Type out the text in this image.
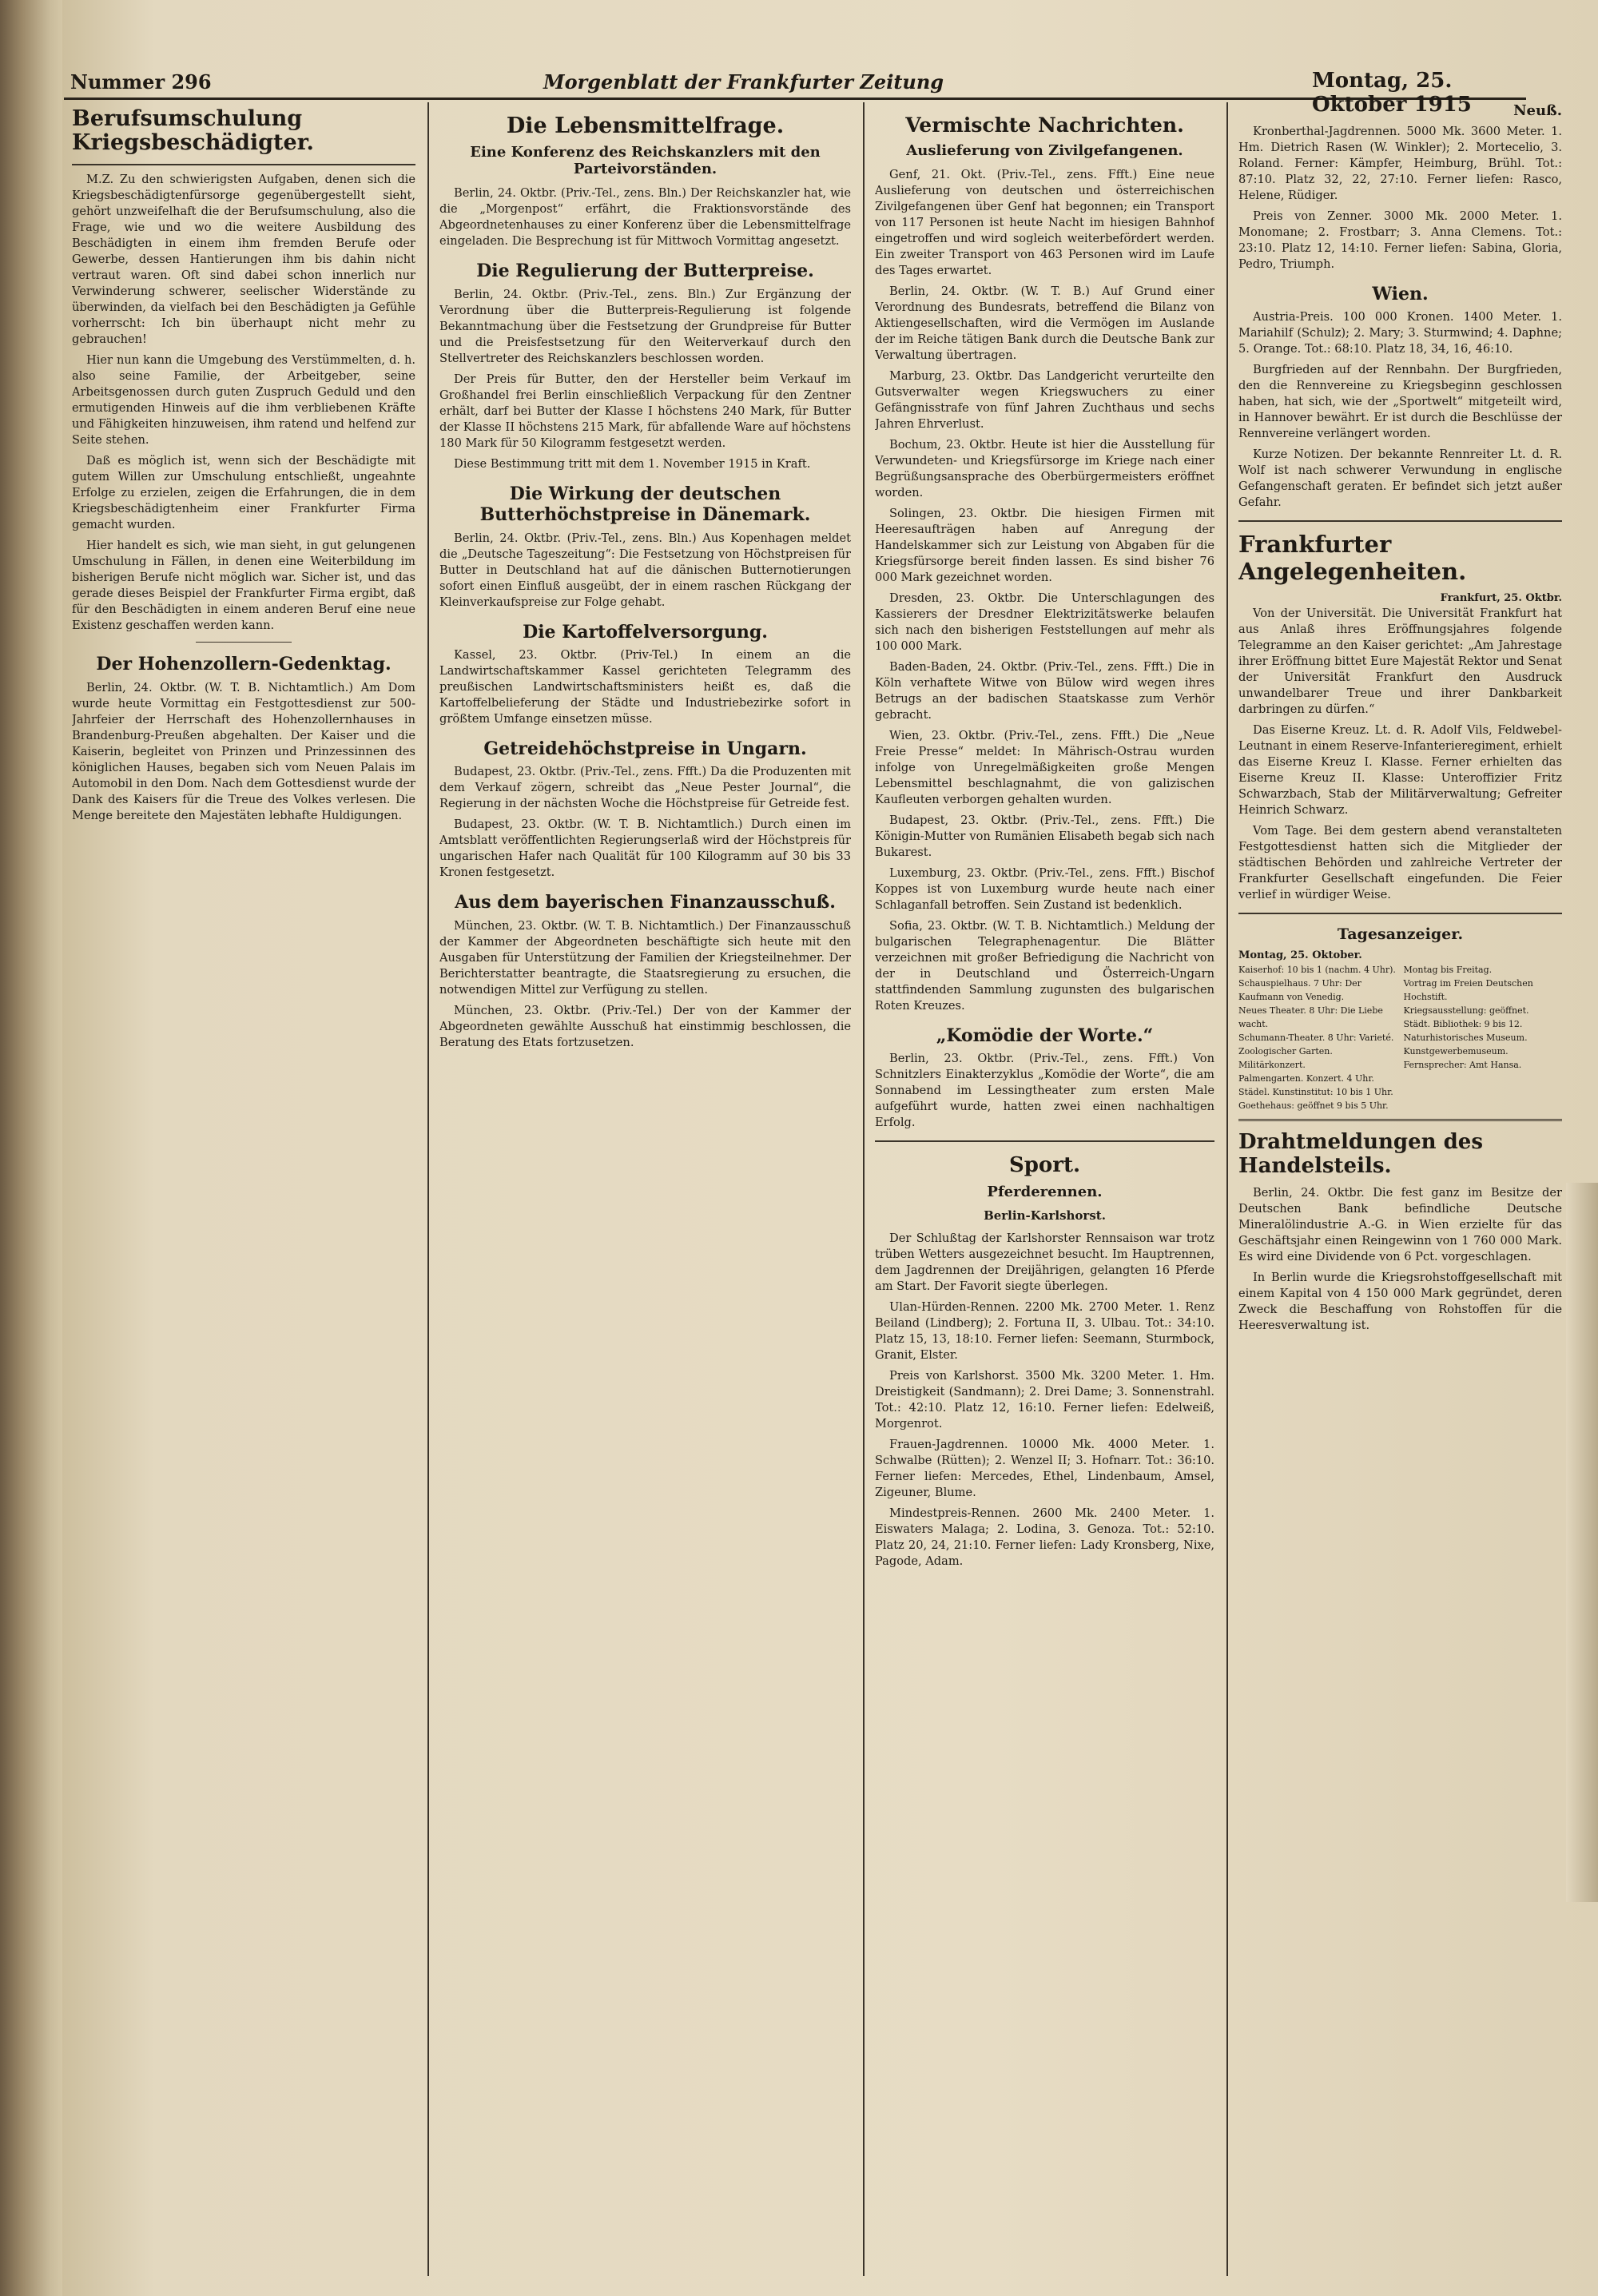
Nummer 296	Morgenblatt der Frankfurter Zeitung	Montag, 25. Oktober 1915
Berufsumschulung Kriegsbeschädigter.

M.Z. Zu den schwierigsten Aufgaben, denen sich die Kriegsbeschädigtenfürsorge gegenübergestellt sieht, gehört unzweifelhaft die der Berufsumschulung, also die Frage, wie und wo die weitere Ausbildung des Beschädigten in einem ihm fremden Berufe oder Gewerbe, dessen Hantierungen ihm bis dahin nicht vertraut waren. Oft sind dabei schon innerlich nur Verwinderung schwerer, seelischer Widerstände zu überwinden, da vielfach bei den Beschädigten ja Gefühle vorherrscht: Ich bin überhaupt nicht mehr zu gebrauchen!

Hier nun kann die Umgebung des Verstümmelten, d. h. also seine Familie, der Arbeitgeber, seine Arbeitsgenossen durch guten Zuspruch Geduld und den ermutigenden Hinweis auf die ihm verbliebenen Kräfte und Fähigkeiten hinzuweisen, ihm ratend und helfend zur Seite stehen.

Daß es möglich ist, wenn sich der Beschädigte mit gutem Willen zur Umschulung entschließt, ungeahnte Erfolge zu erzielen, zeigen die Erfahrungen, die in dem Kriegsbeschädigtenheim einer Frankfurter Firma gemacht wurden.

Hier handelt es sich, wie man sieht, in gut gelungenen Umschulung in Fällen, in denen eine Weiterbildung im bisherigen Berufe nicht möglich war. Sicher ist, und das gerade dieses Beispiel der Frankfurter Firma ergibt, daß für den Beschädigten in einem anderen Beruf eine neue Existenz geschaffen werden kann.

Der Hohenzollern-Gedenktag.

Berlin, 24. Oktbr. (W. T. B. Nichtamtlich.) Am Dom wurde heute Vormittag ein Festgottesdienst zur 500-Jahrfeier der Herrschaft des Hohenzollernhauses in Brandenburg-Preußen abgehalten. Der Kaiser und die Kaiserin, begleitet von Prinzen und Prinzessinnen des königlichen Hauses, begaben sich vom Neuen Palais im Automobil in den Dom. Nach dem Gottesdienst wurde der Dank des Kaisers für die Treue des Volkes verlesen. Die Menge bereitete den Majestäten lebhafte Huldigungen.

Die Lebensmittelfrage.
Eine Konferenz des Reichskanzlers mit den Parteivorständen.

Berlin, 24. Oktbr. (Priv.-Tel., zens. Bln.) Der Reichskanzler hat, wie die „Morgenpost“ erfährt, die Fraktionsvorstände des Abgeordnetenhauses zu einer Konferenz über die Lebensmittelfrage eingeladen. Die Besprechung ist für Mittwoch Vormittag angesetzt.

Die Regulierung der Butterpreise.

Berlin, 24. Oktbr. (Priv.-Tel., zens. Bln.) Zur Ergänzung der Verordnung über die Butterpreis-Regulierung ist folgende Bekanntmachung über die Festsetzung der Grundpreise für Butter und die Preisfestsetzung für den Weiterverkauf durch den Stellvertreter des Reichskanzlers beschlossen worden.

Der Preis für Butter, den der Hersteller beim Verkauf im Großhandel frei Berlin einschließlich Verpackung für den Zentner erhält, darf bei Butter der Klasse I höchstens 240 Mark, für Butter der Klasse II höchstens 215 Mark, für abfallende Ware auf höchstens 180 Mark für 50 Kilogramm festgesetzt werden.

Diese Bestimmung tritt mit dem 1. November 1915 in Kraft.

Die Wirkung der deutschen Butterhöchstpreise in Dänemark.

Berlin, 24. Oktbr. (Priv.-Tel., zens. Bln.) Aus Kopenhagen meldet die „Deutsche Tageszeitung“: Die Festsetzung von Höchstpreisen für Butter in Deutschland hat auf die dänischen Butternotierungen sofort einen Einfluß ausgeübt, der in einem raschen Rückgang der Kleinverkaufspreise zur Folge gehabt.

Die Kartoffelversorgung.

Kassel, 23. Oktbr. (Priv-Tel.) In einem an die Landwirtschaftskammer Kassel gerichteten Telegramm des preußischen Landwirtschaftsministers heißt es, daß die Kartoffelbelieferung der Städte und Industriebezirke sofort in größtem Umfange einsetzen müsse.

Getreidehöchstpreise in Ungarn.

Budapest, 23. Oktbr. (Priv.-Tel., zens. Ffft.) Da die Produzenten mit dem Verkauf zögern, schreibt das „Neue Pester Journal“, die Regierung in der nächsten Woche die Höchstpreise für Getreide fest.

Budapest, 23. Oktbr. (W. T. B. Nichtamtlich.) Durch einen im Amtsblatt veröffentlichten Regierungserlaß wird der Höchstpreis für ungarischen Hafer nach Qualität für 100 Kilogramm auf 30 bis 33 Kronen festgesetzt.

Aus dem bayerischen Finanzausschuß.

München, 23. Oktbr. (W. T. B. Nichtamtlich.) Der Finanzausschuß der Kammer der Abgeordneten beschäftigte sich heute mit den Ausgaben für Unterstützung der Familien der Kriegsteilnehmer. Der Berichterstatter beantragte, die Staatsregierung zu ersuchen, die notwendigen Mittel zur Verfügung zu stellen.

München, 23. Oktbr. (Priv.-Tel.) Der von der Kammer der Abgeordneten gewählte Ausschuß hat einstimmig beschlossen, die Beratung des Etats fortzusetzen.

Vermischte Nachrichten.
Auslieferung von Zivilgefangenen.

Genf, 21. Okt. (Priv.-Tel., zens. Ffft.) Eine neue Auslieferung von deutschen und österreichischen Zivilgefangenen über Genf hat begonnen; ein Transport von 117 Personen ist heute Nacht im hiesigen Bahnhof eingetroffen und wird sogleich weiterbefördert werden. Ein zweiter Transport von 463 Personen wird im Laufe des Tages erwartet.

Berlin, 24. Oktbr. (W. T. B.) Auf Grund einer Verordnung des Bundesrats, betreffend die Bilanz von Aktiengesellschaften, wird die Vermögen im Auslande der im Reiche tätigen Bank durch die Deutsche Bank zur Verwaltung übertragen.

Marburg, 23. Oktbr. Das Landgericht verurteilte den Gutsverwalter wegen Kriegswuchers zu einer Gefängnisstrafe von fünf Jahren Zuchthaus und sechs Jahren Ehrverlust.

Bochum, 23. Oktbr. Heute ist hier die Ausstellung für Verwundeten- und Kriegsfürsorge im Kriege nach einer Begrüßungsansprache des Oberbürgermeisters eröffnet worden.

Solingen, 23. Oktbr. Die hiesigen Firmen mit Heeresaufträgen haben auf Anregung der Handelskammer sich zur Leistung von Abgaben für die Kriegsfürsorge bereit finden lassen. Es sind bisher 76 000 Mark gezeichnet worden.

Dresden, 23. Oktbr. Die Unterschlagungen des Kassierers der Dresdner Elektrizitätswerke belaufen sich nach den bisherigen Feststellungen auf mehr als 100 000 Mark.

Baden-Baden, 24. Oktbr. (Priv.-Tel., zens. Ffft.) Die in Köln verhaftete Witwe von Bülow wird wegen ihres Betrugs an der badischen Staatskasse zum Verhör gebracht.

Wien, 23. Oktbr. (Priv.-Tel., zens. Ffft.) Die „Neue Freie Presse“ meldet: In Mährisch-Ostrau wurden infolge von Unregelmäßigkeiten große Mengen Lebensmittel beschlagnahmt, die von galizischen Kaufleuten verborgen gehalten wurden.

Budapest, 23. Oktbr. (Priv.-Tel., zens. Ffft.) Die Königin-Mutter von Rumänien Elisabeth begab sich nach Bukarest.

Luxemburg, 23. Oktbr. (Priv.-Tel., zens. Ffft.) Bischof Koppes ist von Luxemburg wurde heute nach einer Schlaganfall betroffen. Sein Zustand ist bedenklich.

Sofia, 23. Oktbr. (W. T. B. Nichtamtlich.) Meldung der bulgarischen Telegraphenagentur. Die Blätter verzeichnen mit großer Befriedigung die Nachricht von der in Deutschland und Österreich-Ungarn stattfindenden Sammlung zugunsten des bulgarischen Roten Kreuzes.

„Komödie der Worte.“

Berlin, 23. Oktbr. (Priv.-Tel., zens. Ffft.) Von Schnitzlers Einakterzyklus „Komödie der Worte“, die am Sonnabend im Lessingtheater zum ersten Male aufgeführt wurde, hatten zwei einen nachhaltigen Erfolg.

Sport.
Pferderennen.
Berlin-Karlshorst.

Der Schlußtag der Karlshorster Rennsaison war trotz trüben Wetters ausgezeichnet besucht. Im Hauptrennen, dem Jagdrennen der Dreijährigen, gelangten 16 Pferde am Start. Der Favorit siegte überlegen.

Ulan-Hürden-Rennen. 2200 Mk. 2700 Meter. 1. Renz Beiland (Lindberg); 2. Fortuna II, 3. Ulbau. Tot.: 34:10. Platz 15, 13, 18:10. Ferner liefen: Seemann, Sturmbock, Granit, Elster.

Preis von Karlshorst. 3500 Mk. 3200 Meter. 1. Hm. Dreistigkeit (Sandmann); 2. Drei Dame; 3. Sonnenstrahl. Tot.: 42:10. Platz 12, 16:10. Ferner liefen: Edelweiß, Morgenrot.

Frauen-Jagdrennen. 10000 Mk. 4000 Meter. 1. Schwalbe (Rütten); 2. Wenzel II; 3. Hofnarr. Tot.: 36:10. Ferner liefen: Mercedes, Ethel, Lindenbaum, Amsel, Zigeuner, Blume.

Mindestpreis-Rennen. 2600 Mk. 2400 Meter. 1. Eiswaters Malaga; 2. Lodina, 3. Genoza. Tot.: 52:10. Platz 20, 24, 21:10. Ferner liefen: Lady Kronsberg, Nixe, Pagode, Adam.

Neuß.

Kronberthal-Jagdrennen. 5000 Mk. 3600 Meter. 1. Hm. Dietrich Rasen (W. Winkler); 2. Mortecelio, 3. Roland. Ferner: Kämpfer, Heimburg, Brühl. Tot.: 87:10. Platz 32, 22, 27:10. Ferner liefen: Rasco, Helene, Rüdiger.

Preis von Zenner. 3000 Mk. 2000 Meter. 1. Monomane; 2. Frostbarr; 3. Anna Clemens. Tot.: 23:10. Platz 12, 14:10. Ferner liefen: Sabina, Gloria, Pedro, Triumph.

Wien.

Austria-Preis. 100 000 Kronen. 1400 Meter. 1. Mariahilf (Schulz); 2. Mary; 3. Sturmwind; 4. Daphne; 5. Orange. Tot.: 68:10. Platz 18, 34, 16, 46:10.

Burgfrieden auf der Rennbahn. Der Burgfrieden, den die Rennvereine zu Kriegsbeginn geschlossen haben, hat sich, wie der „Sportwelt“ mitgeteilt wird, in Hannover bewährt. Er ist durch die Beschlüsse der Rennvereine verlängert worden.

Kurze Notizen. Der bekannte Rennreiter Lt. d. R. Wolf ist nach schwerer Verwundung in englische Gefangenschaft geraten. Er befindet sich jetzt außer Gefahr.

Frankfurter Angelegenheiten.
Frankfurt, 25. Oktbr.

Von der Universität. Die Universität Frankfurt hat aus Anlaß ihres Eröffnungsjahres folgende Telegramme an den Kaiser gerichtet: „Am Jahrestage ihrer Eröffnung bittet Eure Majestät Rektor und Senat der Universität Frankfurt den Ausdruck unwandelbarer Treue und ihrer Dankbarkeit darbringen zu dürfen.“

Das Eiserne Kreuz. Lt. d. R. Adolf Vils, Feldwebel-Leutnant in einem Reserve-Infanterieregiment, erhielt das Eiserne Kreuz I. Klasse. Ferner erhielten das Eiserne Kreuz II. Klasse: Unteroffizier Fritz Schwarzbach, Stab der Militärverwaltung; Gefreiter Heinrich Schwarz.

Vom Tage. Bei dem gestern abend veranstalteten Festgottesdienst hatten sich die Mitglieder der städtischen Behörden und zahlreiche Vertreter der Frankfurter Gesellschaft eingefunden. Die Feier verlief in würdiger Weise.

Tagesanzeiger.
Montag, 25. Oktober.
Kaiserhof: 10 bis 1 (nachm. 4 Uhr).
Schauspielhaus. 7 Uhr: Der Kaufmann von Venedig.
Neues Theater. 8 Uhr: Die Liebe wacht.
Schumann-Theater. 8 Uhr: Varieté.
Zoologischer Garten. Militärkonzert.
Palmengarten. Konzert. 4 Uhr.
Städel. Kunstinstitut: 10 bis 1 Uhr.
Goethehaus: geöffnet 9 bis 5 Uhr.
Montag bis Freitag.
Vortrag im Freien Deutschen Hochstift.
Kriegsausstellung: geöffnet.
Städt. Bibliothek: 9 bis 12.
Naturhistorisches Museum.
Kunstgewerbemuseum.
Fernsprecher: Amt Hansa.
Drahtmeldungen des Handelsteils.

Berlin, 24. Oktbr. Die fest ganz im Besitze der Deutschen Bank befindliche Deutsche Mineralölindustrie A.-G. in Wien erzielte für das Geschäftsjahr einen Reingewinn von 1 760 000 Mark. Es wird eine Dividende von 6 Pct. vorgeschlagen.

In Berlin wurde die Kriegsrohstoffgesellschaft mit einem Kapital von 4 150 000 Mark gegründet, deren Zweck die Beschaffung von Rohstoffen für die Heeresverwaltung ist.
